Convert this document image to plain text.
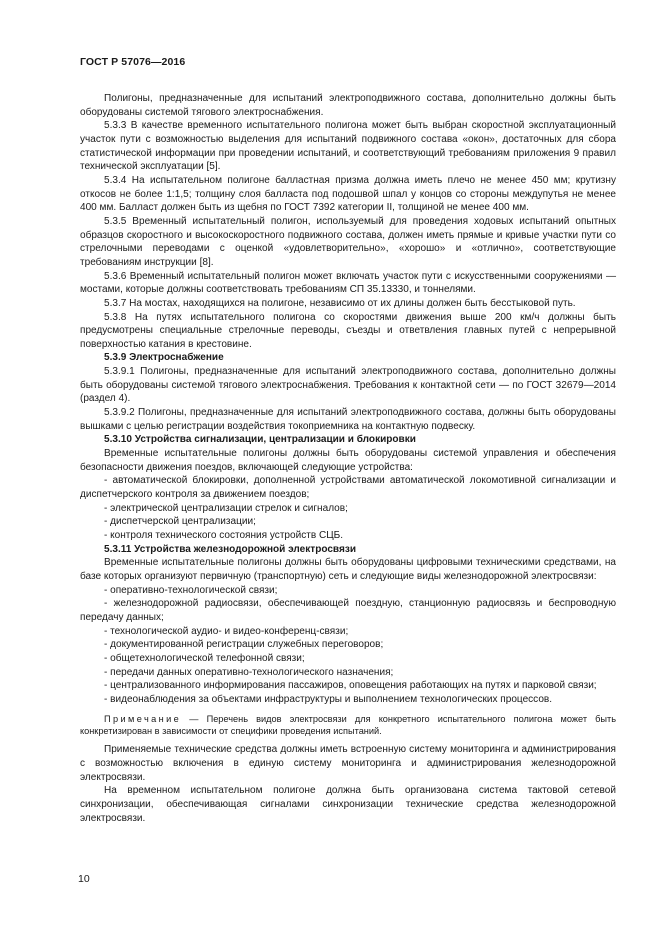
ГОСТ Р 57076—2016

Полигоны, предназначенные для испытаний электроподвижного состава, дополнительно должны быть оборудованы системой тягового электроснабжения.

5.3.3 В качестве временного испытательного полигона может быть выбран скоростной эксплуатационный участок пути с возможностью выделения для испытаний подвижного состава «окон», достаточных для сбора статистической информации при проведении испытаний, и соответствующий требованиям приложения 9 правил технической эксплуатации [5].

5.3.4 На испытательном полигоне балластная призма должна иметь плечо не менее 450 мм; крутизну откосов не более 1:1,5; толщину слоя балласта под подошвой шпал у концов со стороны междупутья не менее 400 мм. Балласт должен быть из щебня по ГОСТ 7392 категории II, толщиной не менее 400 мм.

5.3.5 Временный испытательный полигон, используемый для проведения ходовых испытаний опытных образцов скоростного и высокоскоростного подвижного состава, должен иметь прямые и кривые участки пути со стрелочными переводами с оценкой «удовлетворительно», «хорошо» и «отлично», соответствующие требованиям инструкции [8].

5.3.6 Временный испытательный полигон может включать участок пути с искусственными сооружениями — мостами, которые должны соответствовать требованиям СП 35.13330, и тоннелями.

5.3.7 На мостах, находящихся на полигоне, независимо от их длины должен быть бесстыковой путь.

5.3.8 На путях испытательного полигона со скоростями движения выше 200 км/ч должны быть предусмотрены специальные стрелочные переводы, съезды и ответвления главных путей с непрерывной поверхностью катания в крестовине.

5.3.9 Электроснабжение

5.3.9.1 Полигоны, предназначенные для испытаний электроподвижного состава, дополнительно должны быть оборудованы системой тягового электроснабжения. Требования к контактной сети — по ГОСТ 32679—2014 (раздел 4).

5.3.9.2 Полигоны, предназначенные для испытаний электроподвижного состава, должны быть оборудованы вышками с целью регистрации воздействия токоприемника на контактную подвеску.

5.3.10 Устройства сигнализации, централизации и блокировки

Временные испытательные полигоны должны быть оборудованы системой управления и обеспечения безопасности движения поездов, включающей следующие устройства:

- автоматической блокировки, дополненной устройствами автоматической локомотивной сигнализации и диспетчерского контроля за движением поездов;

- электрической централизации стрелок и сигналов;

- диспетчерской централизации;

- контроля технического состояния устройств СЦБ.

5.3.11 Устройства железнодорожной электросвязи

Временные испытательные полигоны должны быть оборудованы цифровыми техническими средствами, на базе которых организуют первичную (транспортную) сеть и следующие виды железнодорожной электросвязи:

- оперативно-технологической связи;

- железнодорожной радиосвязи, обеспечивающей поездную, станционную радиосвязь и беспроводную передачу данных;

- технологической аудио- и видео-конференц-связи;

- документированной регистрации служебных переговоров;

- общетехнологической телефонной связи;

- передачи данных оперативно-технологического назначения;

- централизованного информирования пассажиров, оповещения работающих на путях и парковой связи;

- видеонаблюдения за объектами инфраструктуры и выполнением технологических процессов.

Примечание — Перечень видов электросвязи для конкретного испытательного полигона может быть конкретизирован в зависимости от специфики проведения испытаний.

Применяемые технические средства должны иметь встроенную систему мониторинга и администрирования с возможностью включения в единую систему мониторинга и администрирования железнодорожной электросвязи.

На временном испытательном полигоне должна быть организована система тактовой сетевой синхронизации, обеспечивающая сигналами синхронизации технические средства железнодорожной электросвязи.

10
